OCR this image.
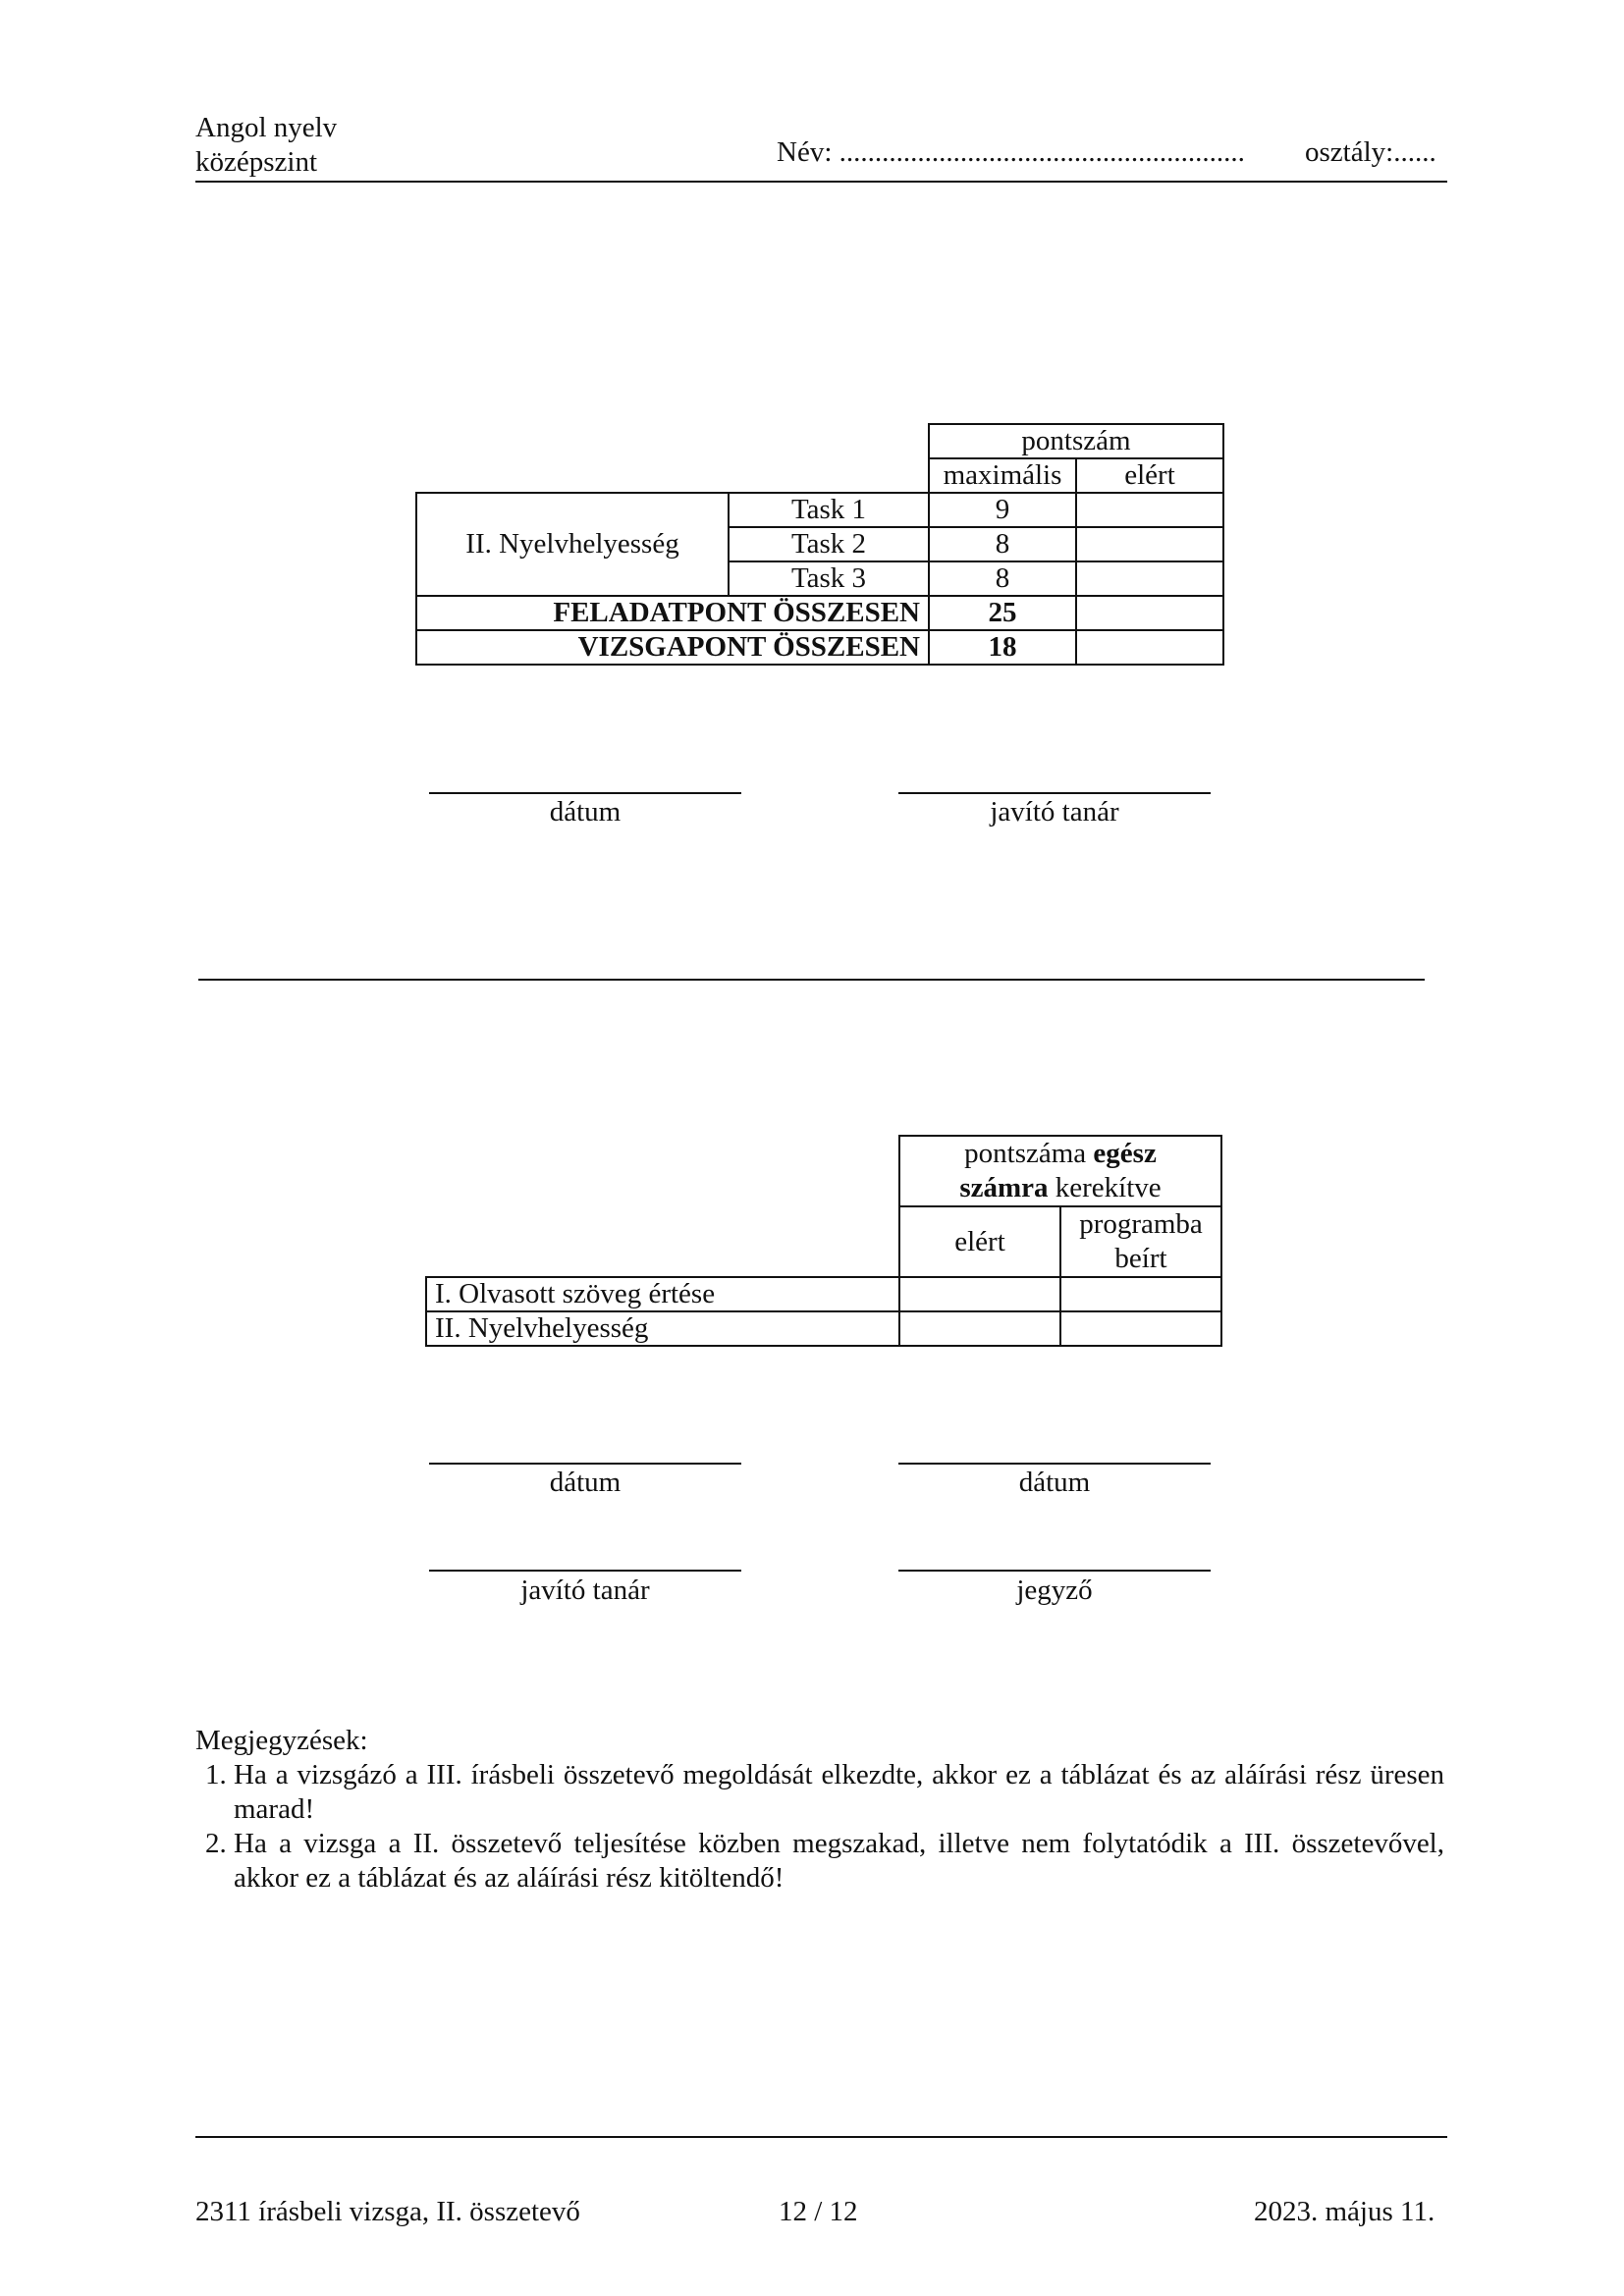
Angol nyelv
középszint	Név: ......................................................... osztály:......
		pontszám	
		maximális	elért
II. Nyelvhelyesség	Task 1	9	
	Task 2	8	
	Task 3	8	
FELADATPONT ÖSSZESEN		25	
VIZSGAPONT ÖSSZESEN		18	
dátum	javító tanár
	pontszáma egész
számra kerekítve	
	elért	programba
beírt
I. Olvasott szöveg értése		
II. Nyelvhelyesség		
dátum	dátum
javító tanár	jegyző
Megjegyzések:
1. Ha a vizsgázó a III. írásbeli összetevő megoldását elkezdte, akkor ez a táblázat és az aláírási rész üresen marad!
2. Ha a vizsga a II. összetevő teljesítése közben megszakad, illetve nem folytatódik a III. összetevővel, akkor ez a táblázat és az aláírási rész kitöltendő!
2311 írásbeli vizsga, II. összetevő	12 / 12	2023. május 11.
